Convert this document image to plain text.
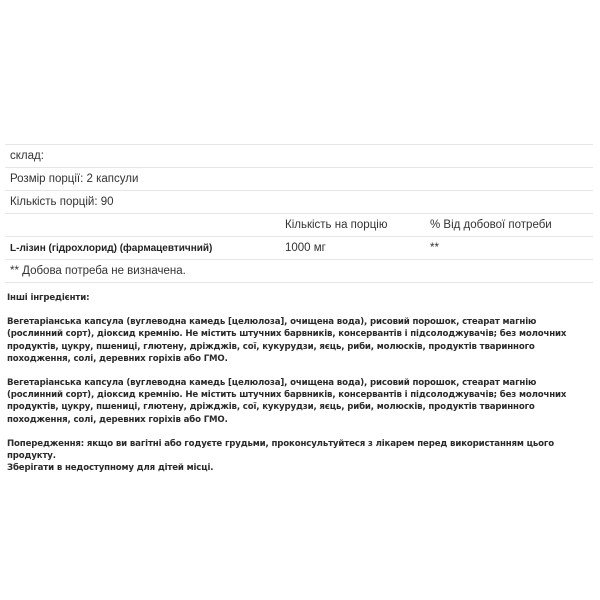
склад:		
Розмір порції: 2 капсули		
Кількість порцій: 90		
	Кількість на порцію	% Від добової потреби
L-лізин (гідрохлорид) (фармацевтичний)	1000 мг	**
** Добова потреба не визначена.		

Інші інгредієнти:

Вегетаріанська капсула (вуглеводна камедь [целюлоза], очищена вода), рисовий порошок, стеарат магнію (рослинний сорт), діоксид кремнію. Не містить штучних барвників, консервантів і підсолоджувачів; без молочних продуктів, цукру, пшениці, глютену, дріжджів, сої, кукурудзи, яєць, риби, молюсків, продуктів тваринного походження, солі, деревних горіхів або ГМО.

Вегетаріанська капсула (вуглеводна камедь [целюлоза], очищена вода), рисовий порошок, стеарат магнію (рослинний сорт), діоксид кремнію. Не містить штучних барвників, консервантів і підсолоджувачів; без молочних продуктів, цукру, пшениці, глютену, дріжджів, сої, кукурудзи, яєць, риби, молюсків, продуктів тваринного походження, солі, деревних горіхів або ГМО.

Попередження: якщо ви вагітні або годуєте грудьми, проконсультуйтеся з лікарем перед використанням цього продукту.
Зберігати в недоступному для дітей місці.
